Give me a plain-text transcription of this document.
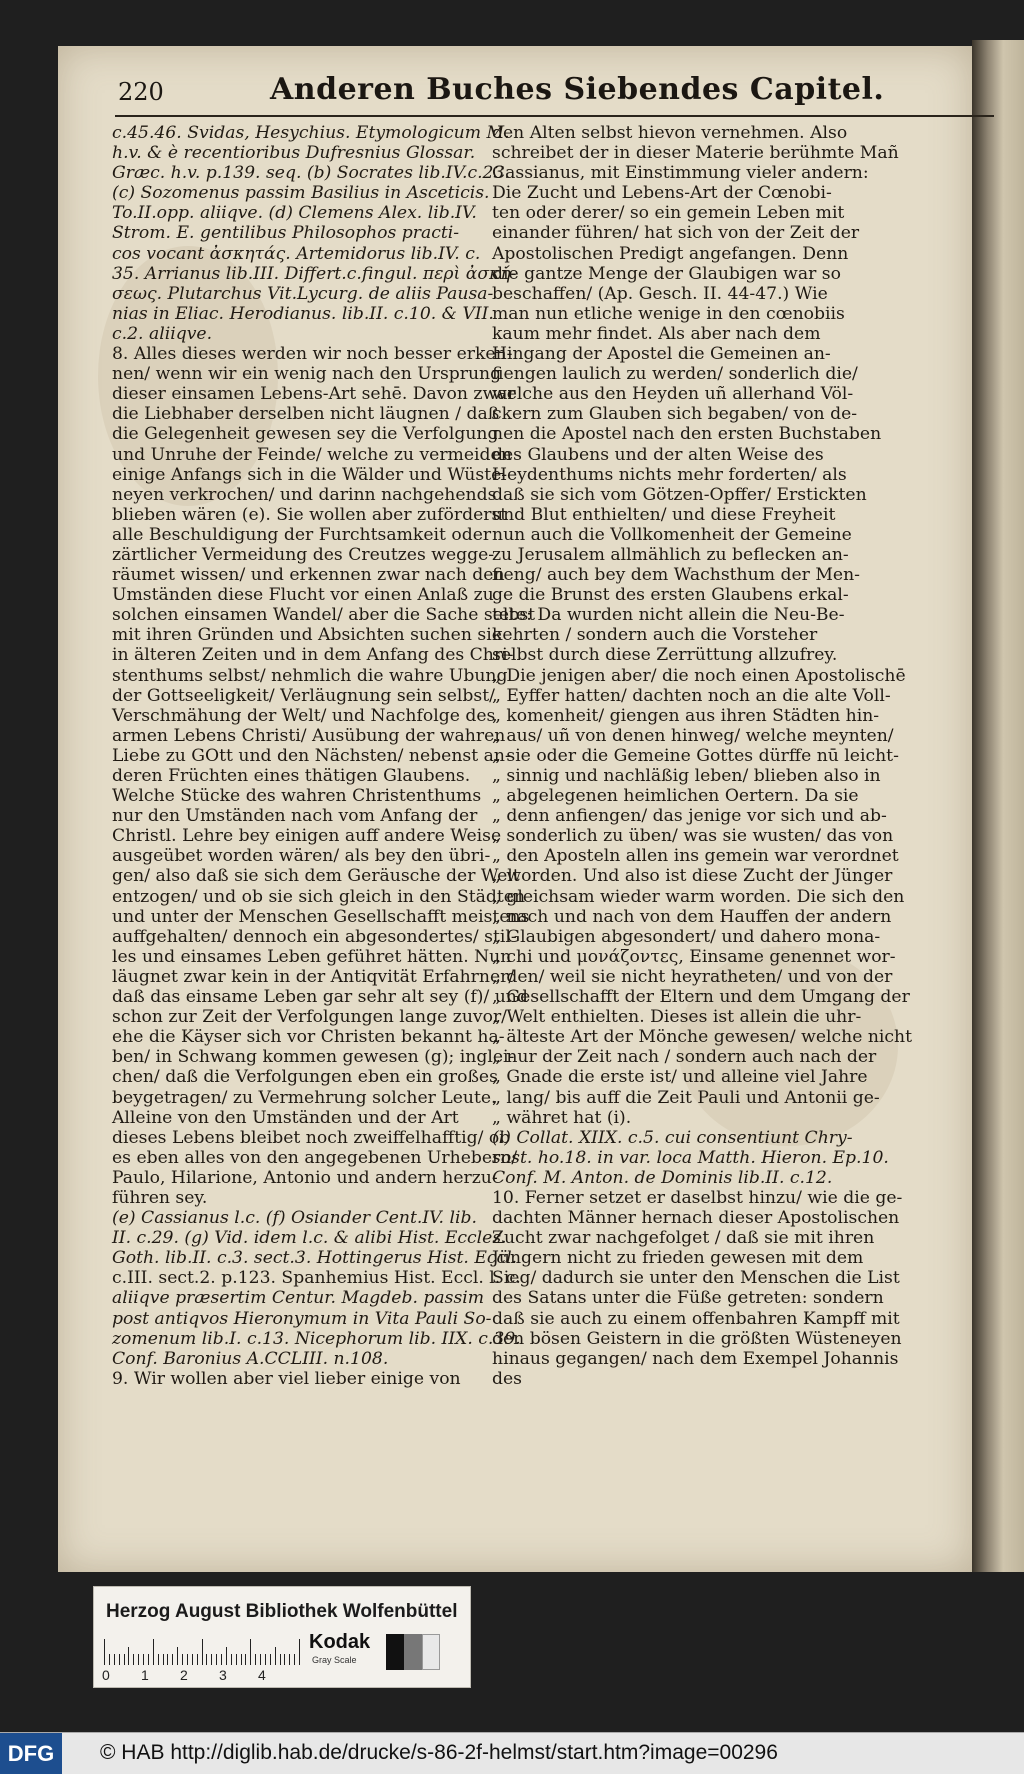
220	Anderen Buches Siebendes Capitel.

c.45.46. Svidas, Hesychius. Etymologicum M.

h.v. & è recentioribus Dufresnius Glossar.

Græc. h.v. p.139. seq. (b) Socrates lib.IV.c.23.

(c) Sozomenus passim Basilius in Asceticis.

To.II.opp. aliiqve. (d) Clemens Alex. lib.IV.

Strom. E. gentilibus Philosophos practi-

cos vocant ἀσκητάς. Artemidorus lib.IV. c.

35. Arrianus lib.III. Differt.c.fingul. περὶ ἀσκή-

σεως. Plutarchus Vit.Lycurg. de aliis Pausa-

nias in Eliac. Herodianus. lib.II. c.10. & VII.

c.2. aliiqve.

8. Alles dieses werden wir noch besser erken-

nen/ wenn wir ein wenig nach den Ursprung

dieser einsamen Lebens-Art sehē. Davon zwar

die Liebhaber derselben nicht läugnen / daß

die Gelegenheit gewesen sey die Verfolgung

und Unruhe der Feinde/ welche zu vermeiden

einige Anfangs sich in die Wälder und Wüste-

neyen verkrochen/ und darinn nachgehends

blieben wären (e). Sie wollen aber zuförderst

alle Beschuldigung der Furchtsamkeit oder

zärtlicher Vermeidung des Creutzes wegge-

räumet wissen/ und erkennen zwar nach den

Umständen diese Flucht vor einen Anlaß zu

solchen einsamen Wandel/ aber die Sache selbst

mit ihren Gründen und Absichten suchen sie

in älteren Zeiten und in dem Anfang des Chri-

stenthums selbst/ nehmlich die wahre Ubung

der Gottseeligkeit/ Verläugnung sein selbst/

Verschmähung der Welt/ und Nachfolge des

armen Lebens Christi/ Ausübung der wahren

Liebe zu GOtt und den Nächsten/ nebenst an-

deren Früchten eines thätigen Glaubens.

Welche Stücke des wahren Christenthums

nur den Umständen nach vom Anfang der

Christl. Lehre bey einigen auff andere Weise

ausgeübet worden wären/ als bey den übri-

gen/ also daß sie sich dem Geräusche der Welt

entzogen/ und ob sie sich gleich in den Städten

und unter der Menschen Gesellschafft meistens

auffgehalten/ dennoch ein abgesondertes/ stil-

les und einsames Leben geführet hätten. Nun

läugnet zwar kein in der Antiqvität Erfahrner/

daß das einsame Leben gar sehr alt sey (f)/ und

schon zur Zeit der Verfolgungen lange zuvor/

ehe die Käyser sich vor Christen bekannt ha-

ben/ in Schwang kommen gewesen (g); inglei-

chen/ daß die Verfolgungen eben ein großes

beygetragen/ zu Vermehrung solcher Leute.

Alleine von den Umständen und der Art

dieses Lebens bleibet noch zweiffelhafftig/ ob

es eben alles von den angegebenen Urhebern/

Paulo, Hilarione, Antonio und andern herzu-

führen sey.

(e) Cassianus l.c. (f) Osiander Cent.IV. lib.

II. c.29. (g) Vid. idem l.c. & alibi Hist. Eccles.

Goth. lib.II. c.3. sect.3. Hottingerus Hist. Eccl.

c.III. sect.2. p.123. Spanhemius Hist. Eccl. l. c.

aliiqve præsertim Centur. Magdeb. passim

post antiqvos Hieronymum in Vita Pauli So-

zomenum lib.I. c.13. Nicephorum lib. IIX. c.39.

Conf. Baronius A.CCLIII. n.108.

9. Wir wollen aber viel lieber einige von

den Alten selbst hievon vernehmen. Also

schreibet der in dieser Materie berühmte Mañ

Cassianus, mit Einstimmung vieler andern:

Die Zucht und Lebens-Art der Cœnobi-

ten oder derer/ so ein gemein Leben mit

einander führen/ hat sich von der Zeit der

Apostolischen Predigt angefangen. Denn

die gantze Menge der Glaubigen war so

beschaffen/ (Ap. Gesch. II. 44-47.) Wie

man nun etliche wenige in den cœnobiis

kaum mehr findet. Als aber nach dem

Hingang der Apostel die Gemeinen an-

fiengen laulich zu werden/ sonderlich die/

welche aus den Heyden uñ allerhand Völ-

ckern zum Glauben sich begaben/ von de-

nen die Apostel nach den ersten Buchstaben

des Glaubens und der alten Weise des

Heydenthums nichts mehr forderten/ als

daß sie sich vom Götzen-Opffer/ Erstickten

und Blut enthielten/ und diese Freyheit

nun auch die Vollkomenheit der Gemeine

zu Jerusalem allmählich zu beflecken an-

fieng/ auch bey dem Wachsthum der Men-

ge die Brunst des ersten Glaubens erkal-

tete: Da wurden nicht allein die Neu-Be-

kehrten / sondern auch die Vorsteher

selbst durch diese Zerrüttung allzufrey.

„ Die jenigen aber/ die noch einen Apostolischē

„ Eyffer hatten/ dachten noch an die alte Voll-

„ komenheit/ giengen aus ihren Städten hin-

„ aus/ uñ von denen hinweg/ welche meynten/

„ sie oder die Gemeine Gottes dürffe nū leicht-

„ sinnig und nachläßig leben/ blieben also in

„ abgelegenen heimlichen Oertern. Da sie

„ denn anfiengen/ das jenige vor sich und ab-

„ sonderlich zu üben/ was sie wusten/ das von

„ den Aposteln allen ins gemein war verordnet

„ worden. Und also ist diese Zucht der Jünger

„ gleichsam wieder warm worden. Die sich den

„ nach und nach von dem Hauffen der andern

„ Glaubigen abgesondert/ und dahero mona-

„ chi und μονάζοντες, Einsame genennet wor-

„ den/ weil sie nicht heyratheten/ und von der

„ Gesellschafft der Eltern und dem Umgang der

„ Welt enthielten. Dieses ist allein die uhr-

„ älteste Art der Mönche gewesen/ welche nicht

„ nur der Zeit nach / sondern auch nach der

„ Gnade die erste ist/ und alleine viel Jahre

„ lang/ bis auff die Zeit Pauli und Antonii ge-

„ währet hat (i).

(i) Collat. XIIX. c.5. cui consentiunt Chry-

sost. ho.18. in var. loca Matth. Hieron. Ep.10.

Conf. M. Anton. de Dominis lib.II. c.12.

10. Ferner setzet er daselbst hinzu/ wie die ge-

dachten Männer hernach dieser Apostolischen

Zucht zwar nachgefolget / daß sie mit ihren

Jüngern nicht zu frieden gewesen mit dem

Sieg/ dadurch sie unter den Menschen die List

des Satans unter die Füße getreten: sondern

daß sie auch zu einem offenbahren Kampff mit

den bösen Geistern in die größten Wüsteneyen

hinaus gegangen/ nach dem Exempel Johannis

des

Herzog August Bibliothek Wolfenbüttel
0 1 2 3 4
Kodak
Gray Scale
DFG	© HAB http://diglib.hab.de/drucke/s-86-2f-helmst/start.htm?image=00296
